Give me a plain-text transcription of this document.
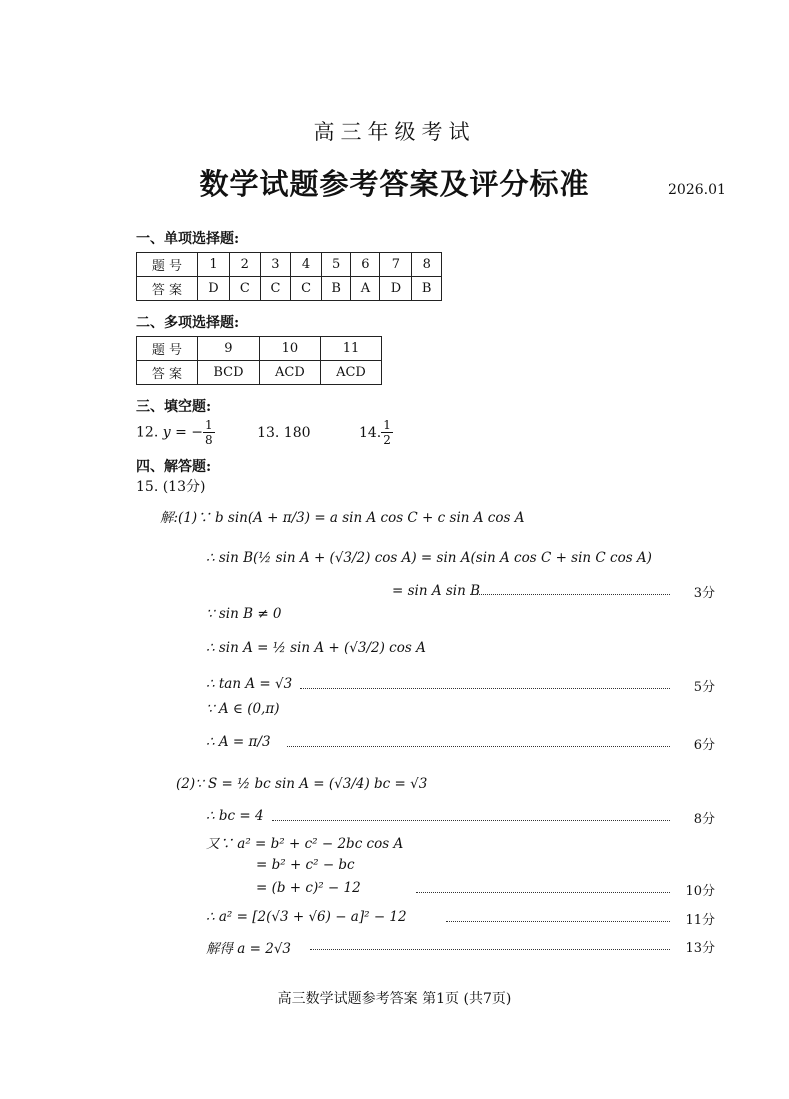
高三年级考试
数学试题参考答案及评分标准	2026.01
一、单项选择题:
题 号	1	2	3	4	5	6	7	8
答 案	D	C	C	C	B	A	D	B
二、多项选择题:
题 号	9	10	11
答 案	BCD	ACD	ACD
三、填空题:
12. y = − $\frac{1}{8}$	13. 180	14. $\frac{1}{2}$
四、解答题:
15. (13分)
解:(1)∵ b sin(A + π/3) = a sin A cos C + c sin A cos A
∴ sin B(½ sin A + (√3/2) cos A) = sin A(sin A cos C + sin C cos A)
= sin A sin B	3分
∵ sin B ≠ 0
∴ sin A = ½ sin A + (√3/2) cos A
∴ tan A = √3	5分
∵ A ∈ (0,π)
∴ A = π/3	6分
(2)∵ S = ½ bc sin A = (√3/4) bc = √3
∴ bc = 4	8分
又∵ a² = b² + c² − 2bc cos A
= b² + c² − bc
= (b + c)² − 12	10分
∴ a² = [2(√3 + √6) − a]² − 12	11分
解得 a = 2√3	13分
高三数学试题参考答案 第1页 (共7页)
